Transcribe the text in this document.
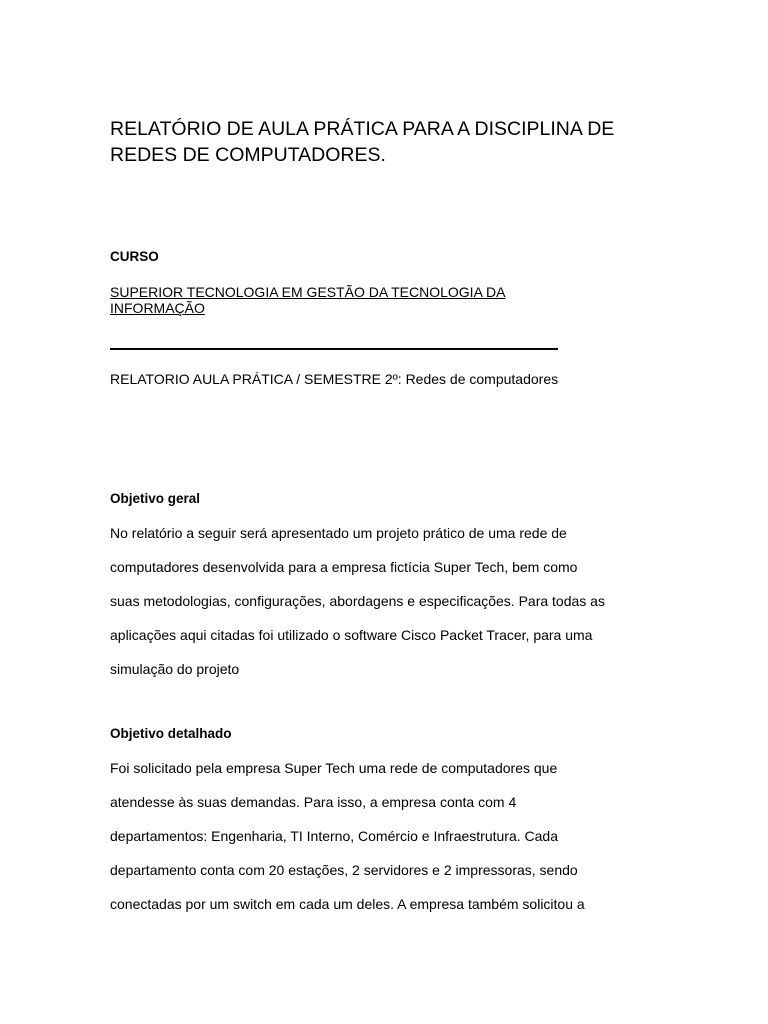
RELATÓRIO DE AULA PRÁTICA PARA A DISCIPLINA DE
REDES DE COMPUTADORES.

CURSO

SUPERIOR TECNOLOGIA EM GESTÃO DA TECNOLOGIA DA
INFORMAÇÃO

RELATORIO AULA PRÁTICA / SEMESTRE 2º: Redes de computadores

Objetivo geral

No relatório a seguir será apresentado um projeto prático de uma rede de
computadores desenvolvida para a empresa fictícia Super Tech, bem como
suas metodologias, configurações, abordagens e especificações. Para todas as
aplicações aqui citadas foi utilizado o software Cisco Packet Tracer, para uma
simulação do projeto

Objetivo detalhado

Foi solicitado pela empresa Super Tech uma rede de computadores que
atendesse às suas demandas. Para isso, a empresa conta com 4
departamentos: Engenharia, TI Interno, Comércio e Infraestrutura. Cada
departamento conta com 20 estações, 2 servidores e 2 impressoras, sendo
conectadas por um switch em cada um deles. A empresa também solicitou a
